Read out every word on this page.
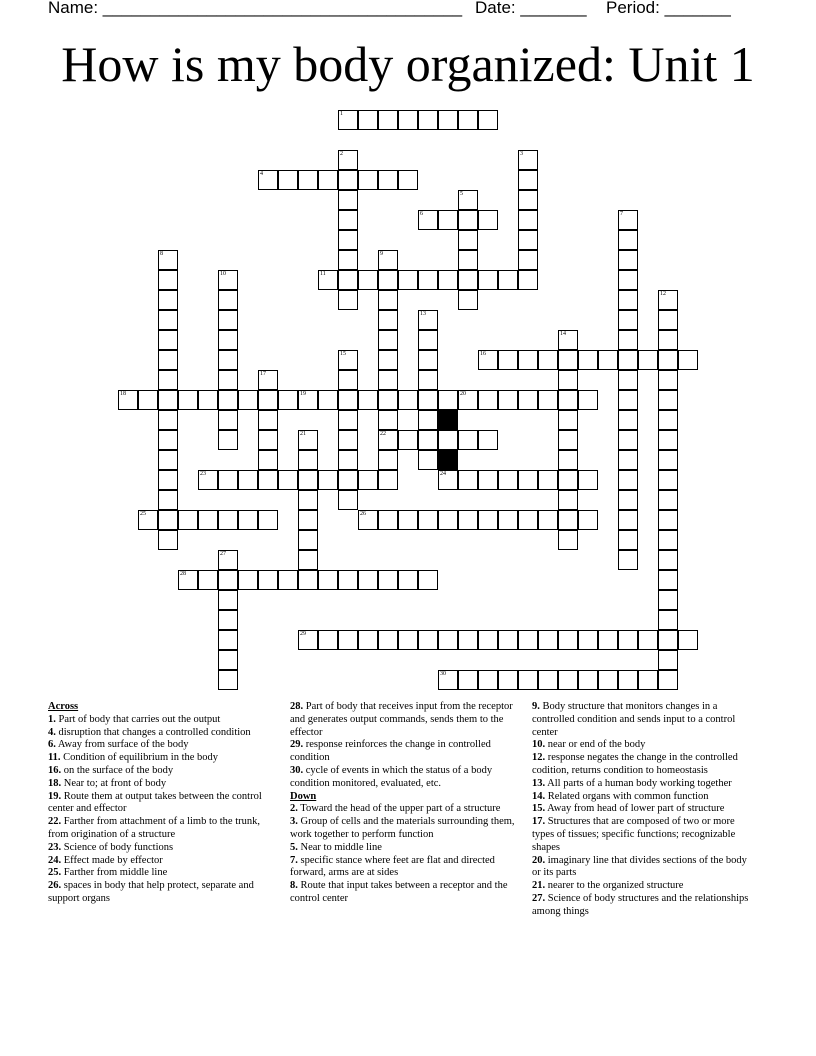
Name: ______________________________________ Date: _______ Period: _______
How is my body organized: Unit 1
1
2	3
4
5
6	7
8	9
22
10	11
12
13
14
15	16
17
18	19	20
21
23	24
25	26
27
28
29
30
Across
1. Part of body that carries out the output
4. disruption that changes a controlled condition
6. Away from surface of the body
11. Condition of equilibrium in the body
16. on the surface of the body
18. Near to; at front of body
19. Route them at output takes between the control center and effector
22. Farther from attachment of a limb to the trunk, from origination of a structure
23. Science of body functions
24. Effect made by effector
25. Farther from middle line
26. spaces in body that help protect, separate and support organs
28. Part of body that receives input from the receptor and generates output commands, sends them to the effector
29. response reinforces the change in controlled condition
30. cycle of events in which the status of a body condition monitored, evaluated, etc.
Down
2. Toward the head of the upper part of a structure
3. Group of cells and the materials surrounding them, work together to perform function
5. Near to middle line
7. specific stance where feet are flat and directed forward, arms are at sides
8. Route that input takes between a receptor and the control center
9. Body structure that monitors changes in a controlled condition and sends input to a control center
10. near or end of the body
12. response negates the change in the controlled codition, returns condition to homeostasis
13. All parts of a human body working together
14. Related organs with common function
15. Away from head of lower part of structure
17. Structures that are composed of two or more types of tissues; specific functions; recognizable shapes
20. imaginary line that divides sections of the body or its parts
21. nearer to the organized structure
27. Science of body structures and the relationships among things
